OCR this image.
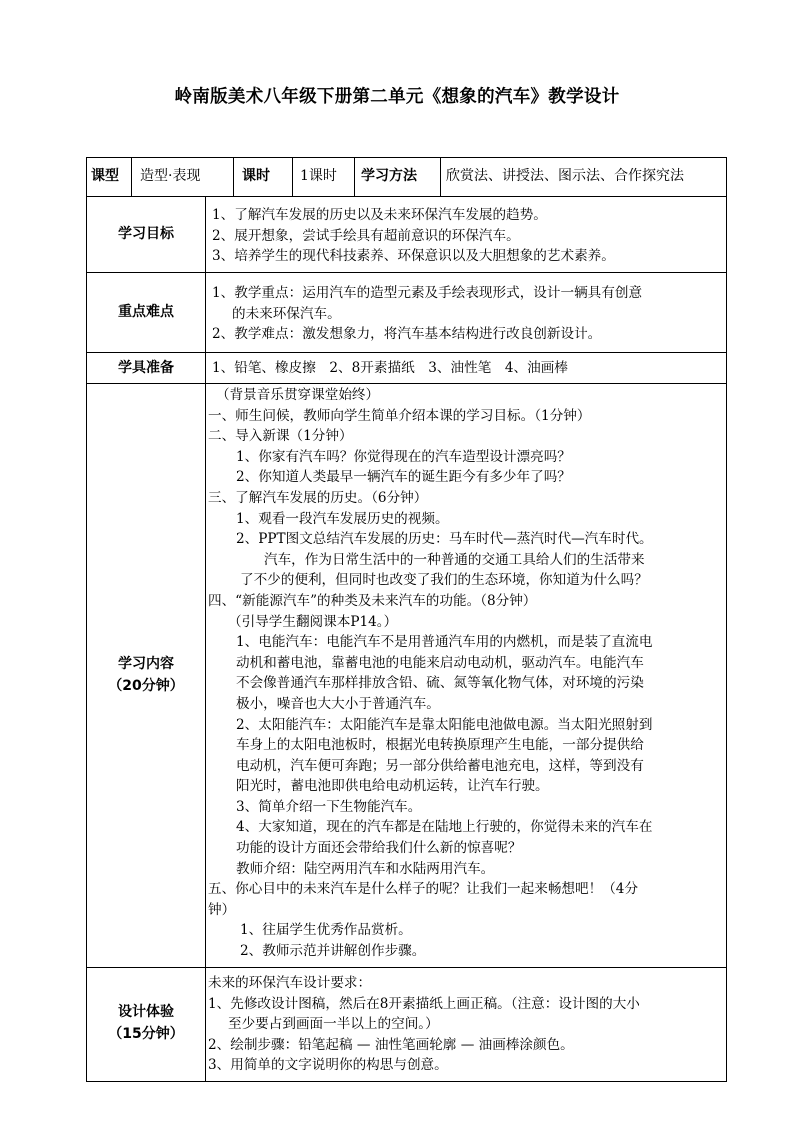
岭南版美术八年级下册第二单元《想象的汽车》教学设计
课型 造型·表现	课时 1课时 学习方法 欣赏法、讲授法、图示法、合作探究法
学习目标
1、了解汽车发展的历史以及未来环保汽车发展的趋势。
2、展开想象，尝试手绘具有超前意识的环保汽车。
3、培养学生的现代科技素养、环保意识以及大胆想象的艺术素养。
重点难点
1、教学重点：运用汽车的造型元素及手绘表现形式，设计一辆具有创意
的未来环保汽车。
2、教学难点：激发想象力，将汽车基本结构进行改良创新设计。
学具准备	1、铅笔、橡皮擦　2、8开素描纸　3、油性笔　4、油画棒
学习内容
（20分钟）
（背景音乐贯穿课堂始终）
一、师生问候，教师向学生简单介绍本课的学习目标。（1分钟）
二、导入新课（1分钟）
1、你家有汽车吗？你觉得现在的汽车造型设计漂亮吗？
2、你知道人类最早一辆汽车的诞生距今有多少年了吗？
三、了解汽车发展的历史。（6分钟）
1、观看一段汽车发展历史的视频。
2、PPT图文总结汽车发展的历史：马车时代—蒸汽时代—汽车时代。
汽车，作为日常生活中的一种普通的交通工具给人们的生活带来
了不少的便利，但同时也改变了我们的生态环境，你知道为什么吗？
四、“新能源汽车”的种类及未来汽车的功能。（8分钟）
（引导学生翻阅课本P14。）
1、电能汽车：电能汽车不是用普通汽车用的内燃机，而是装了直流电
动机和蓄电池，靠蓄电池的电能来启动电动机，驱动汽车。电能汽车
不会像普通汽车那样排放含铅、硫、氮等氧化物气体，对环境的污染
极小，噪音也大大小于普通汽车。
2、太阳能汽车：太阳能汽车是靠太阳能电池做电源。当太阳光照射到
车身上的太阳电池板时，根据光电转换原理产生电能，一部分提供给
电动机，汽车便可奔跑；另一部分供给蓄电池充电，这样，等到没有
阳光时，蓄电池即供电给电动机运转，让汽车行驶。
3、简单介绍一下生物能汽车。
4、大家知道，现在的汽车都是在陆地上行驶的，你觉得未来的汽车在
功能的设计方面还会带给我们什么新的惊喜呢？
教师介绍：陆空两用汽车和水陆两用汽车。
五、你心目中的未来汽车是什么样子的呢？让我们一起来畅想吧！（4分
钟）
1、往届学生优秀作品赏析。
2、教师示范并讲解创作步骤。
设计体验
（15分钟）
未来的环保汽车设计要求：
1、先修改设计图稿，然后在8开素描纸上画正稿。（注意：设计图的大小
至少要占到画面一半以上的空间。）
2、绘制步骤：铅笔起稿 — 油性笔画轮廓 — 油画棒涂颜色。
3、用简单的文字说明你的构思与创意。
